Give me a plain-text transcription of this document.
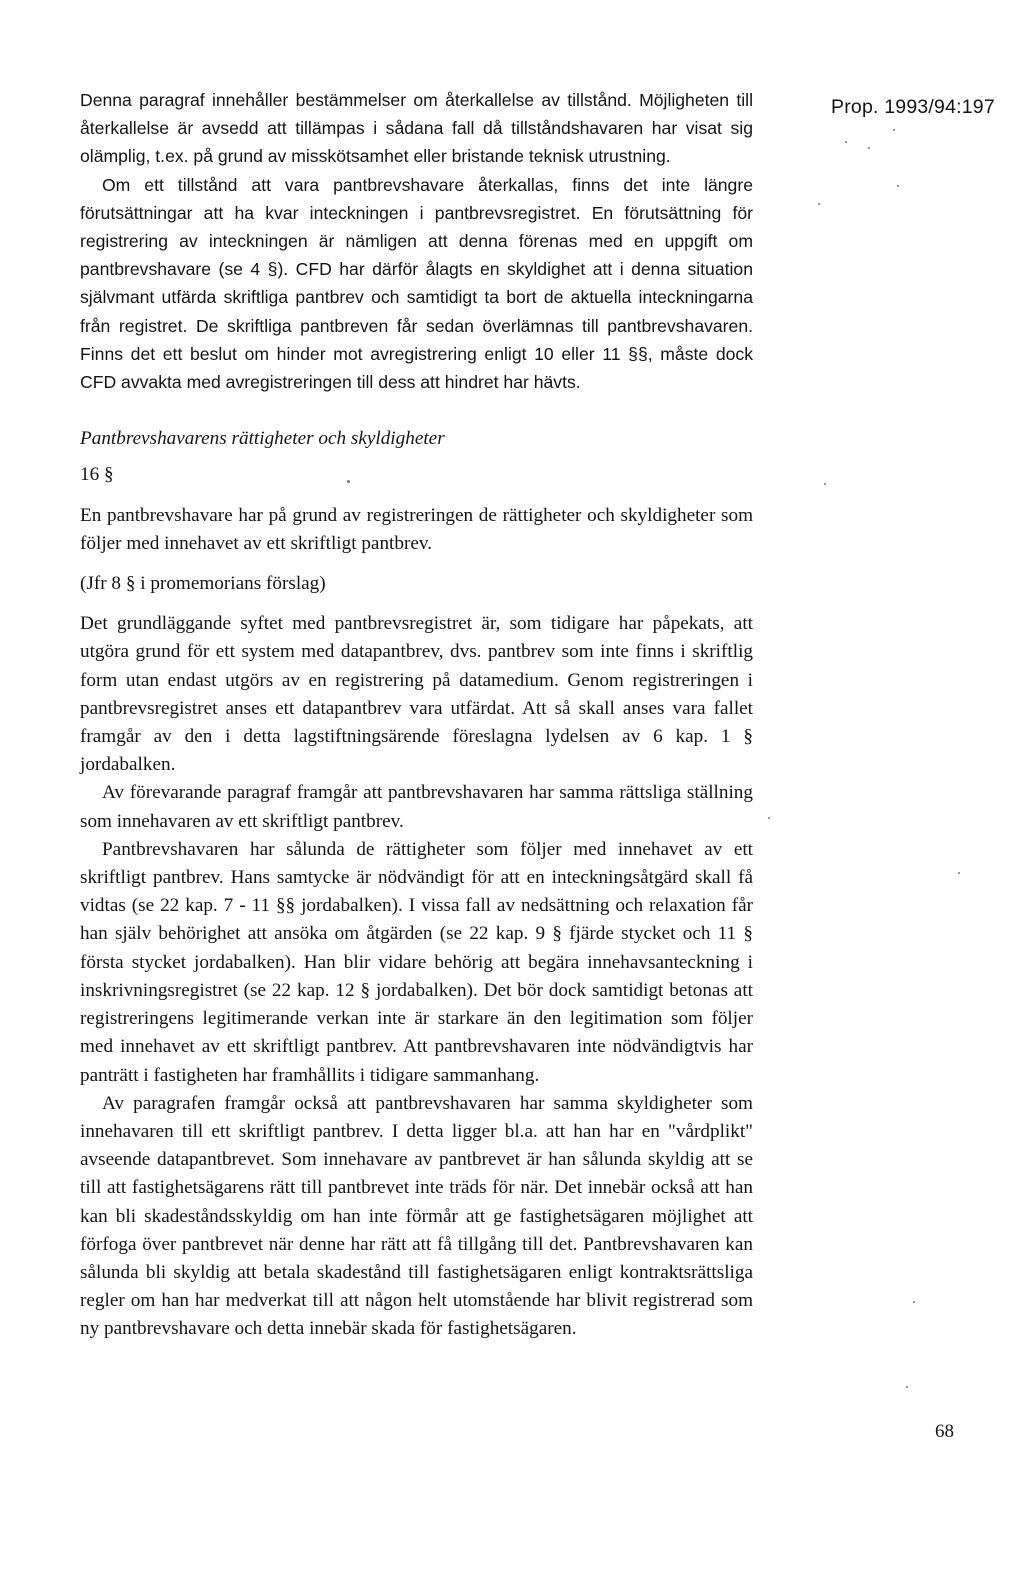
Prop. 1993/94:197

Denna paragraf innehåller bestämmelser om återkallelse av tillstånd. Möjligheten till återkallelse är avsedd att tillämpas i sådana fall då tillståndshavaren har visat sig olämplig, t.ex. på grund av misskötsamhet eller bristande teknisk utrustning.

Om ett tillstånd att vara pantbrevshavare återkallas, finns det inte längre förutsättningar att ha kvar inteckningen i pantbrevsregistret. En förutsättning för registrering av inteckningen är nämligen att denna förenas med en uppgift om pantbrevshavare (se 4 §). CFD har därför ålagts en skyldighet att i denna situation självmant utfärda skriftliga pantbrev och samtidigt ta bort de aktuella inteckningarna från registret. De skriftliga pantbreven får sedan överlämnas till pantbrevshavaren. Finns det ett beslut om hinder mot avregistrering enligt 10 eller 11 §§, måste dock CFD avvakta med avregistreringen till dess att hindret har hävts.

Pantbrevshavarens rättigheter och skyldigheter

16 §

En pantbrevshavare har på grund av registreringen de rättigheter och skyldigheter som följer med innehavet av ett skriftligt pantbrev.

(Jfr 8 § i promemorians förslag)

Det grundläggande syftet med pantbrevsregistret är, som tidigare har påpekats, att utgöra grund för ett system med datapantbrev, dvs. pantbrev som inte finns i skriftlig form utan endast utgörs av en registrering på datamedium. Genom registreringen i pantbrevsregistret anses ett datapantbrev vara utfärdat. Att så skall anses vara fallet framgår av den i detta lagstiftningsärende föreslagna lydelsen av 6 kap. 1 § jordabalken.

Av förevarande paragraf framgår att pantbrevshavaren har samma rättsliga ställning som innehavaren av ett skriftligt pantbrev.

Pantbrevshavaren har sålunda de rättigheter som följer med innehavet av ett skriftligt pantbrev. Hans samtycke är nödvändigt för att en inteckningsåtgärd skall få vidtas (se 22 kap. 7 - 11 §§ jordabalken). I vissa fall av nedsättning och relaxation får han själv behörighet att ansöka om åtgärden (se 22 kap. 9 § fjärde stycket och 11 § första stycket jordabalken). Han blir vidare behörig att begära innehavsanteckning i inskrivningsregistret (se 22 kap. 12 § jordabalken). Det bör dock samtidigt betonas att registreringens legitimerande verkan inte är starkare än den legitimation som följer med innehavet av ett skriftligt pantbrev. Att pantbrevshavaren inte nödvändigtvis har panträtt i fastigheten har framhållits i tidigare sammanhang.

Av paragrafen framgår också att pantbrevshavaren har samma skyldigheter som innehavaren till ett skriftligt pantbrev. I detta ligger bl.a. att han har en "vårdplikt" avseende datapantbrevet. Som innehavare av pantbrevet är han sålunda skyldig att se till att fastighetsägarens rätt till pantbrevet inte träds för när. Det innebär också att han kan bli skadeståndsskyldig om han inte förmår att ge fastighetsägaren möjlighet att förfoga över pantbrevet när denne har rätt att få tillgång till det. Pantbrevshavaren kan sålunda bli skyldig att betala skadestånd till fastighetsägaren enligt kontraktsrättsliga regler om han har medverkat till att någon helt utomstående har blivit registrerad som ny pantbrevshavare och detta innebär skada för fastighetsägaren.

68
